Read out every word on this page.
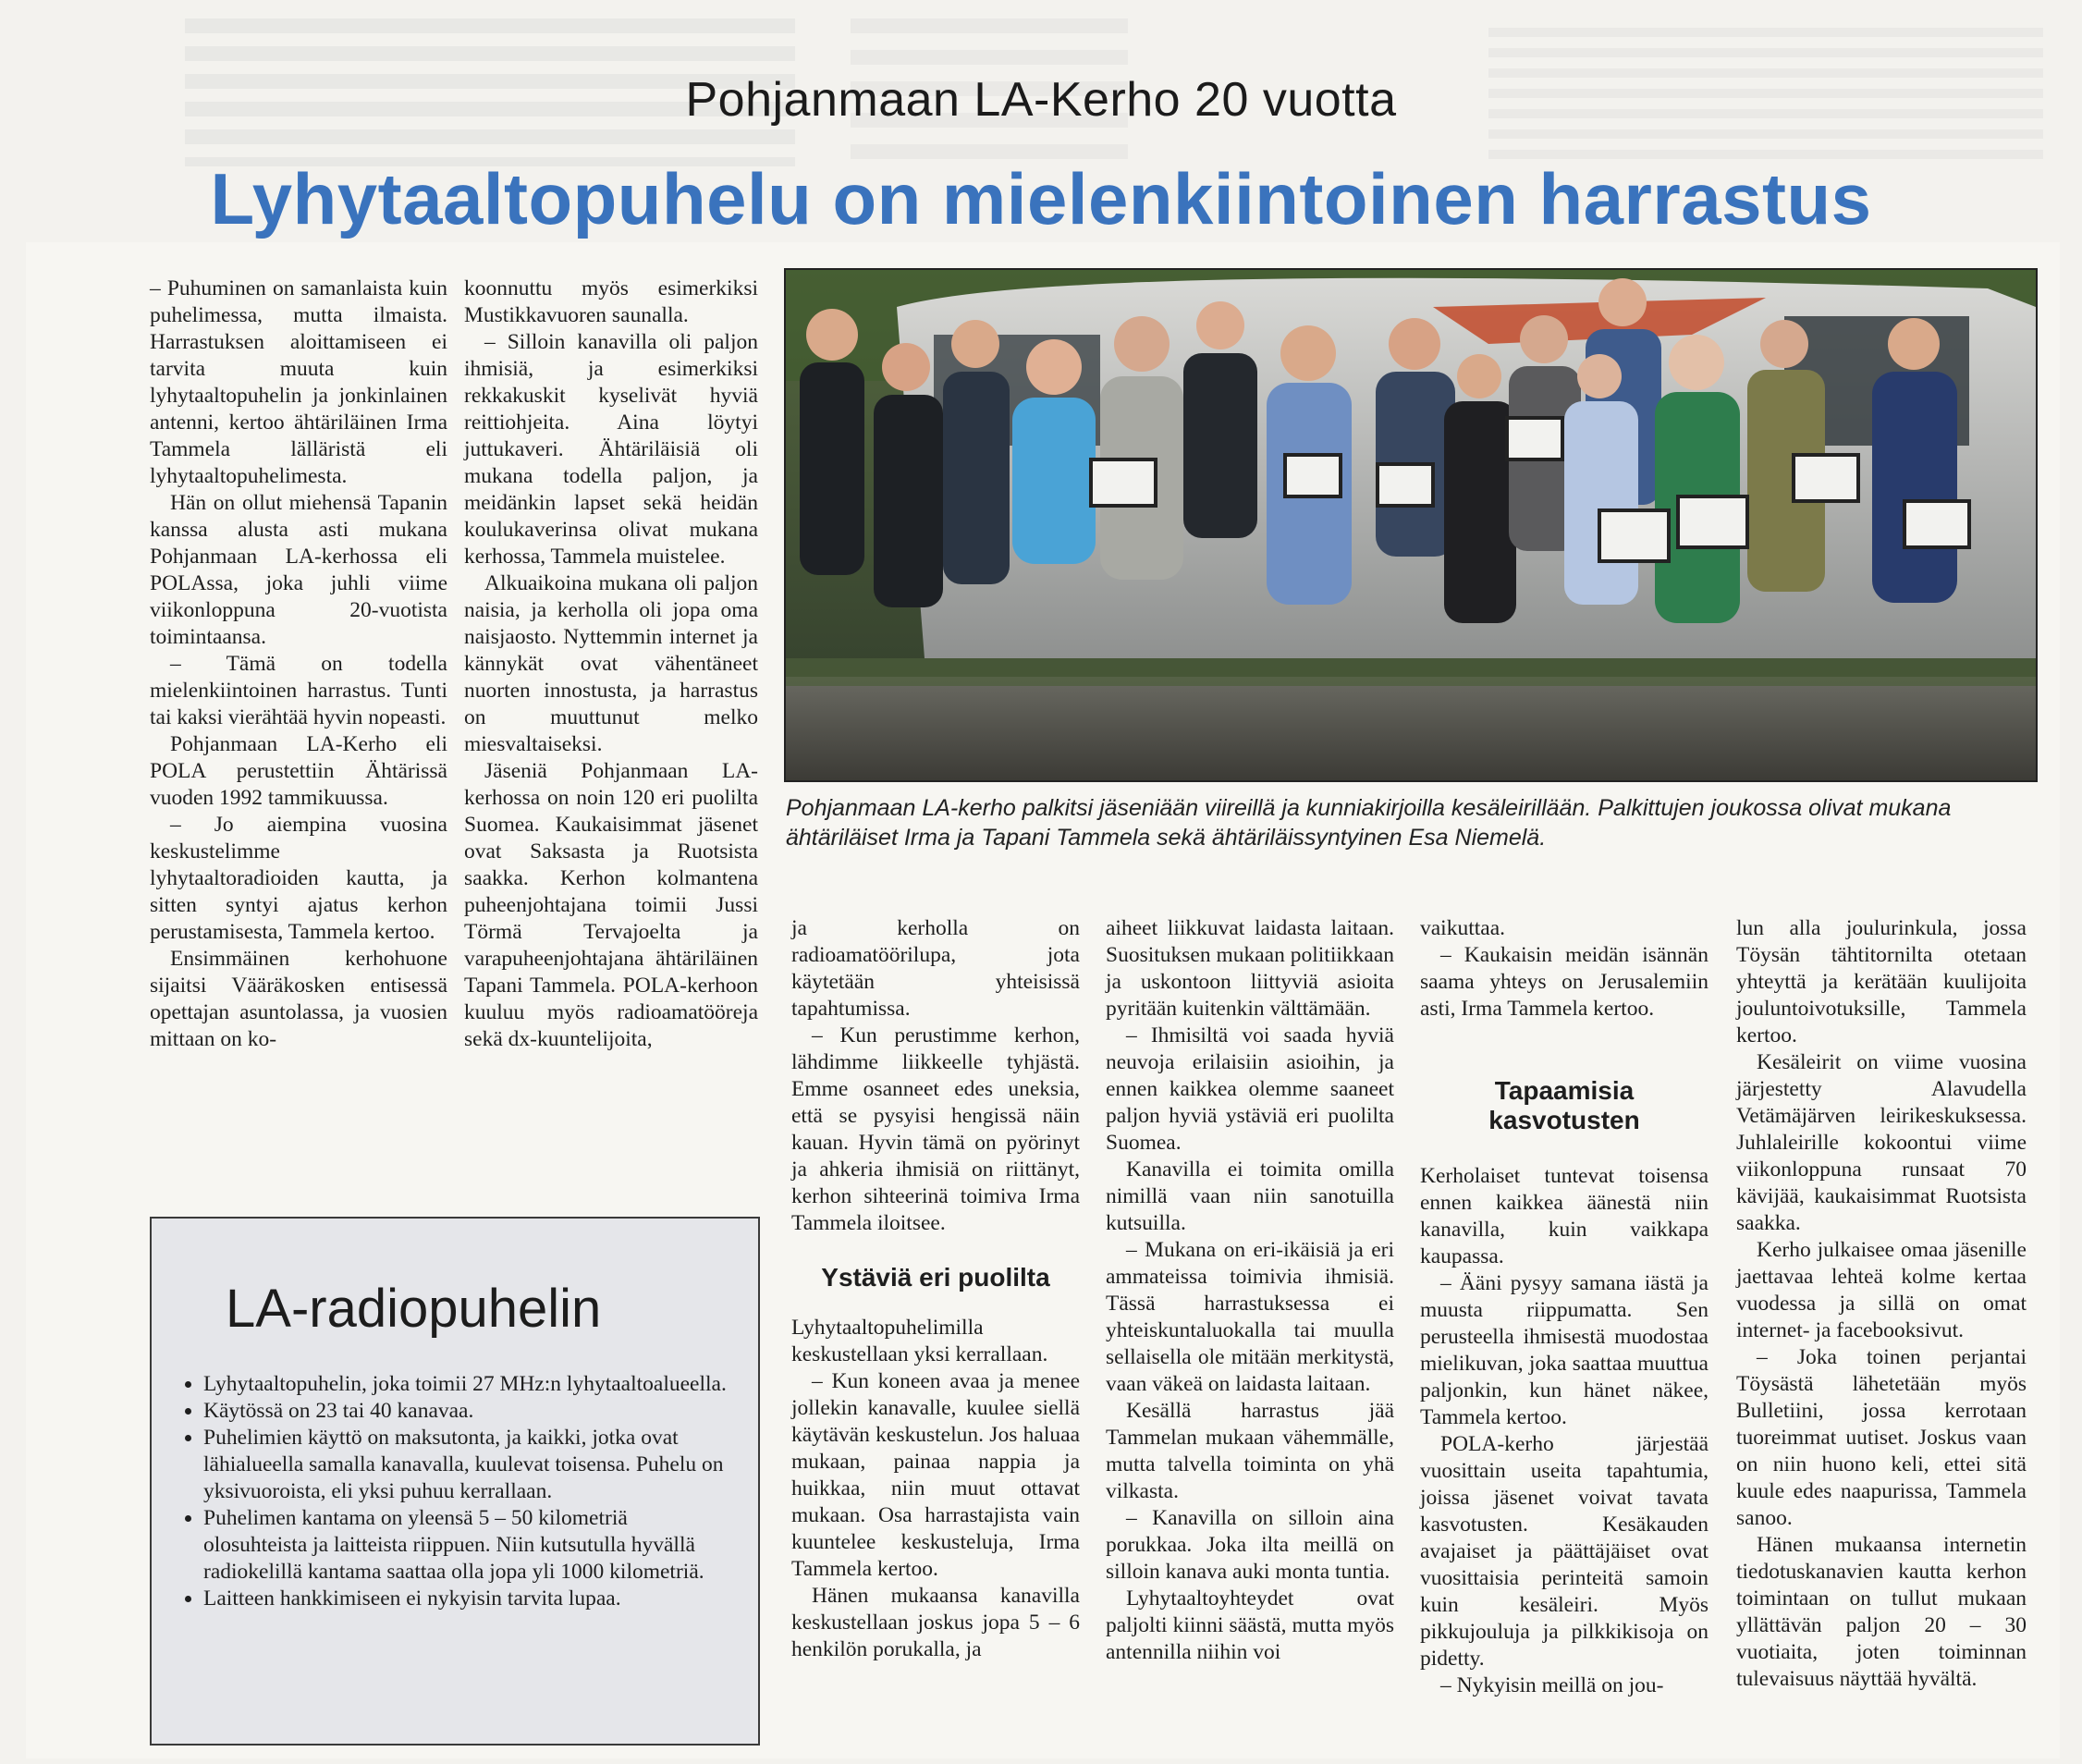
Pohjanmaan LA-Kerho 20 vuotta
Lyhytaaltopuhelu on mielenkiintoinen harrastus

– Puhuminen on samanlaista kuin puhelimessa, mutta ilmaista. Harrastuksen aloittamiseen ei tarvita muuta kuin lyhytaaltopuhelin ja jonkinlainen antenni, kertoo ähtäriläinen Irma Tammela lälläristä eli lyhytaaltopuhelimesta.

Hän on ollut miehensä Tapanin kanssa alusta asti mukana Pohjanmaan LA-kerhossa eli POLAssa, joka juhli viime viikonloppuna 20-vuotista toimintaansa.

– Tämä on todella mielenkiintoinen harrastus. Tunti tai kaksi vierähtää hyvin nopeasti.

Pohjanmaan LA-Kerho eli POLA perustettiin Ähtärissä vuoden 1992 tammikuussa.

– Jo aiempina vuosina keskustelimme lyhytaaltoradioiden kautta, ja sitten syntyi ajatus kerhon perustamisesta, Tammela kertoo.

Ensimmäinen kerhohuone sijaitsi Vääräkosken entisessä opettajan asuntolassa, ja vuosien mittaan on ko-

koonnuttu myös esimerkiksi Mustikkavuoren saunalla.

– Silloin kanavilla oli paljon ihmisiä, ja esimerkiksi rekkakuskit kyselivät hyviä reittiohjeita. Aina löytyi juttukaveri. Ähtäriläisiä oli mukana todella paljon, ja meidänkin lapset sekä heidän koulukaverinsa olivat mukana kerhossa, Tammela muistelee.

Alkuaikoina mukana oli paljon naisia, ja kerholla oli jopa oma naisjaosto. Nyttemmin internet ja kännykät ovat vähentäneet nuorten innostusta, ja harrastus on muuttunut melko miesvaltaiseksi.

Jäseniä Pohjanmaan LA-kerhossa on noin 120 eri puolilta Suomea. Kaukaisimmat jäsenet ovat Saksasta ja Ruotsista saakka. Kerhon kolmantena puheenjohtajana toimii Jussi Törmä Tervajoelta ja varapuheenjohtajana ähtäriläinen Tapani Tammela. POLA-kerhoon kuuluu myös radioamatööreja sekä dx-kuuntelijoita,

Pohjanmaan LA-kerho palkitsi jäseniään viireillä ja kunniakirjoilla kesäleirillään. Palkittujen joukossa olivat mukana ähtäriläiset Irma ja Tapani Tammela sekä ähtäriläissyntyinen Esa Niemelä.

ja kerholla on radioamatöörilupa, jota käytetään yhteisissä tapahtumissa.

– Kun perustimme kerhon, lähdimme liikkeelle tyhjästä. Emme osanneet edes uneksia, että se pysyisi hengissä näin kauan. Hyvin tämä on pyörinyt ja ahkeria ihmisiä on riittänyt, kerhon sihteerinä toimiva Irma Tammela iloitsee.

Ystäviä eri puolilta

Lyhytaaltopuhelimilla keskustellaan yksi kerrallaan.

– Kun koneen avaa ja menee jollekin kanavalle, kuulee siellä käytävän keskustelun. Jos haluaa mukaan, painaa nappia ja huikkaa, niin muut ottavat mukaan. Osa harrastajista vain kuuntelee keskusteluja, Irma Tammela kertoo.

Hänen mukaansa kanavilla keskustellaan joskus jopa 5 – 6 henkilön porukalla, ja

aiheet liikkuvat laidasta laitaan. Suosituksen mukaan politiikkaan ja uskontoon liittyviä asioita pyritään kuitenkin välttämään.

– Ihmisiltä voi saada hyviä neuvoja erilaisiin asioihin, ja ennen kaikkea olemme saaneet paljon hyviä ystäviä eri puolilta Suomea.

Kanavilla ei toimita omilla nimillä vaan niin sanotuilla kutsuilla.

– Mukana on eri-ikäisiä ja eri ammateissa toimivia ihmisiä. Tässä harrastuksessa ei yhteiskuntaluokalla tai muulla sellaisella ole mitään merkitystä, vaan väkeä on laidasta laitaan.

Kesällä harrastus jää Tammelan mukaan vähemmälle, mutta talvella toiminta on yhä vilkasta.

– Kanavilla on silloin aina porukkaa. Joka ilta meillä on silloin kanava auki monta tuntia.

Lyhytaaltoyhteydet ovat paljolti kiinni säästä, mutta myös antennilla niihin voi

vaikuttaa.

– Kaukaisin meidän isännän saama yhteys on Jerusalemiin asti, Irma Tammela kertoo.

Tapaamisia kasvotusten

Kerholaiset tuntevat toisensa ennen kaikkea äänestä niin kanavilla, kuin vaikkapa kaupassa.

– Ääni pysyy samana iästä ja muusta riippumatta. Sen perusteella ihmisestä muodostaa mielikuvan, joka saattaa muuttua paljonkin, kun hänet näkee, Tammela kertoo.

POLA-kerho järjestää vuosittain useita tapahtumia, joissa jäsenet voivat tavata kasvotusten. Kesäkauden avajaiset ja päättäjäiset ovat vuosittaisia perinteitä samoin kuin kesäleiri. Myös pikkujouluja ja pilkkikisoja on pidetty.

– Nykyisin meillä on jou-

lun alla joulurinkula, jossa Töysän tähtitornilta otetaan yhteyttä ja kerätään kuulijoita jouluntoivotuksille, Tammela kertoo.

Kesäleirit on viime vuosina järjestetty Alavudella Vetämäjärven leirikeskuksessa. Juhlaleirille kokoontui viime viikonloppuna runsaat 70 kävijää, kaukaisimmat Ruotsista saakka.

Kerho julkaisee omaa jäsenille jaettavaa lehteä kolme kertaa vuodessa ja sillä on omat internet- ja facebooksivut.

– Joka toinen perjantai Töysästä lähetetään myös Bulletiini, jossa kerrotaan tuoreimmat uutiset. Joskus vaan on niin huono keli, ettei sitä kuule edes naapurissa, Tammela sanoo.

Hänen mukaansa internetin tiedotuskanavien kautta kerhon toimintaan on tullut mukaan yllättävän paljon 20 – 30 vuotiaita, joten toiminnan tulevaisuus näyttää hyvältä.

LA-radiopuhelin
• Lyhytaaltopuhelin, joka toimii 27 MHz:n lyhytaaltoalueella.
• Käytössä on 23 tai 40 kanavaa.
• Puhelimien käyttö on maksutonta, ja kaikki, jotka ovat lähialueella samalla kanavalla, kuulevat toisensa. Puhelu on yksivuoroista, eli yksi puhuu kerrallaan.
• Puhelimen kantama on yleensä 5 – 50 kilometriä olosuhteista ja laitteista riippuen. Niin kutsutulla hyvällä radiokelillä kantama saattaa olla jopa yli 1000 kilometriä.
• Laitteen hankkimiseen ei nykyisin tarvita lupaa.
